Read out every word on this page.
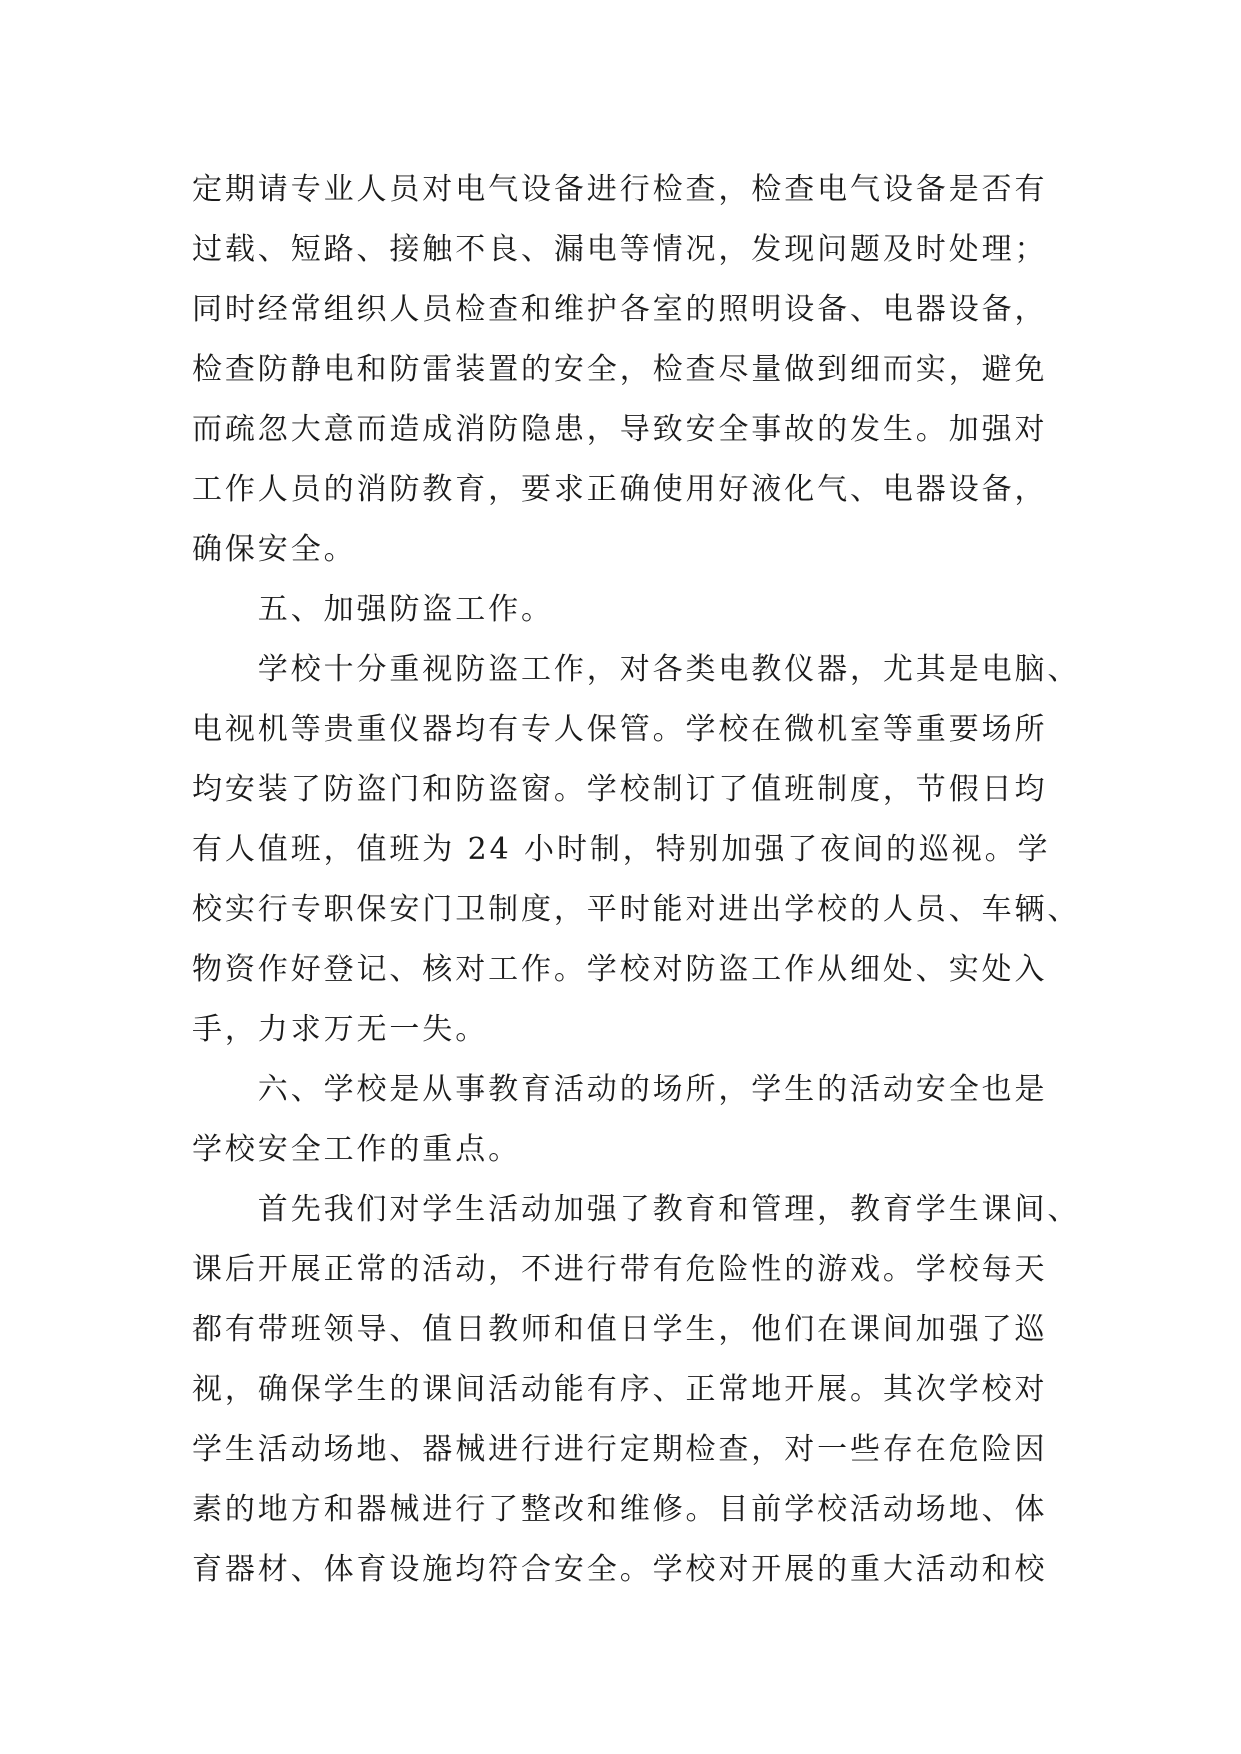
定期请专业人员对电气设备进行检查，检查电气设备是否有
过载、短路、接触不良、漏电等情况，发现问题及时处理；
同时经常组织人员检查和维护各室的照明设备、电器设备，
检查防静电和防雷装置的安全，检查尽量做到细而实，避免
而疏忽大意而造成消防隐患，导致安全事故的发生。加强对
工作人员的消防教育，要求正确使用好液化气、电器设备，
确保安全。
　　五、加强防盗工作。
　　学校十分重视防盗工作，对各类电教仪器，尤其是电脑、
电视机等贵重仪器均有专人保管。学校在微机室等重要场所
均安装了防盗门和防盗窗。学校制订了值班制度，节假日均
有人值班，值班为 24 小时制，特别加强了夜间的巡视。学
校实行专职保安门卫制度，平时能对进出学校的人员、车辆、
物资作好登记、核对工作。学校对防盗工作从细处、实处入
手，力求万无一失。
　　六、学校是从事教育活动的场所，学生的活动安全也是
学校安全工作的重点。
　　首先我们对学生活动加强了教育和管理，教育学生课间、
课后开展正常的活动，不进行带有危险性的游戏。学校每天
都有带班领导、值日教师和值日学生，他们在课间加强了巡
视，确保学生的课间活动能有序、正常地开展。其次学校对
学生活动场地、器械进行进行定期检查，对一些存在危险因
素的地方和器械进行了整改和维修。目前学校活动场地、体
育器材、体育设施均符合安全。学校对开展的重大活动和校
